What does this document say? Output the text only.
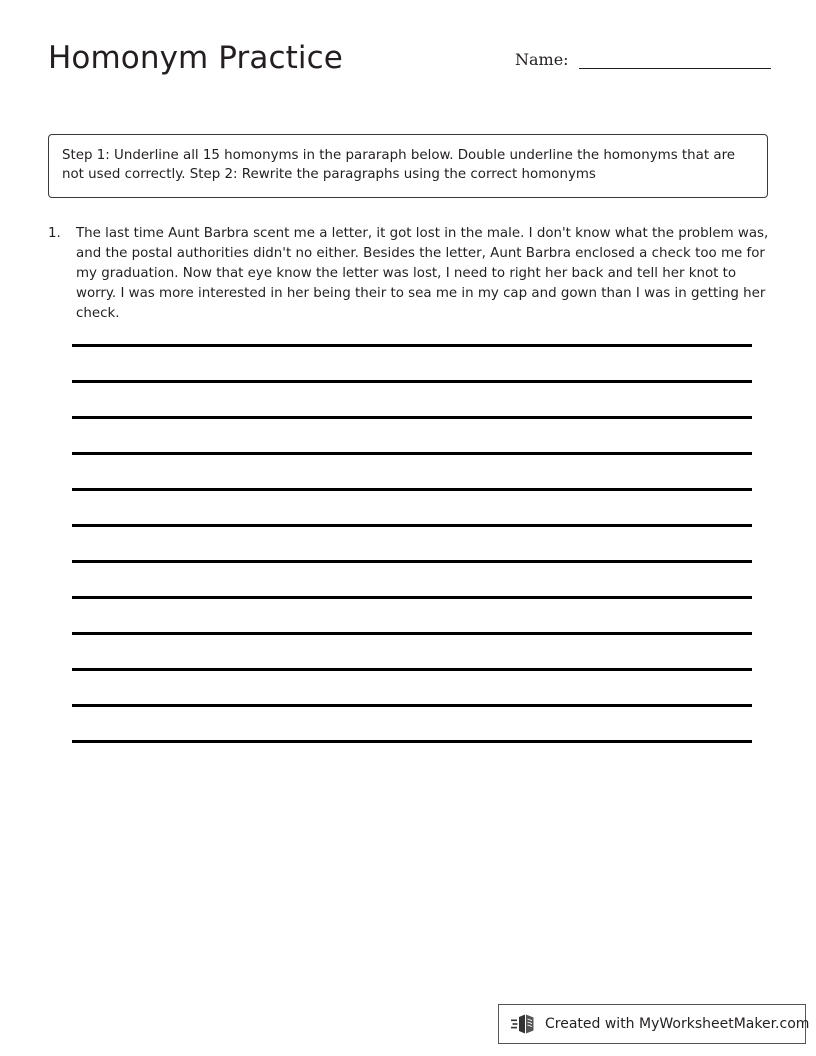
Homonym Practice	Name:

Step 1: Underline all 15 homonyms in the pararaph below. Double underline the homonyms that are not used correctly. Step 2: Rewrite the paragraphs using the correct homonyms

1.	The last time Aunt Barbra scent me a letter, it got lost in the male. I don't know what the problem was, and the postal authorities didn't no either. Besides the letter, Aunt Barbra enclosed a check too me for my graduation. Now that eye know the letter was lost, I need to right her back and tell her knot to worry. I was more interested in her being their to sea me in my cap and gown than I was in getting her check.

Created with MyWorksheetMaker.com
